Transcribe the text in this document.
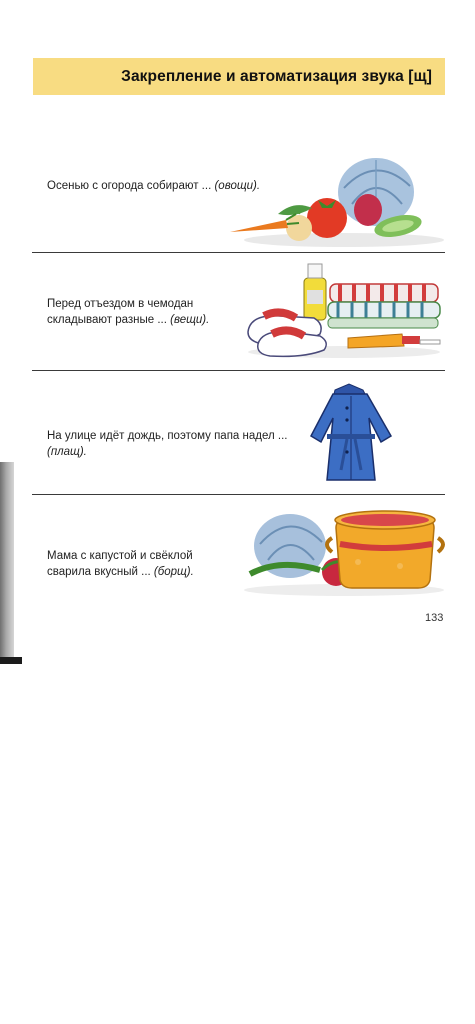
Закрепление и автоматизация звука [щ]
Осенью с огорода собирают ... (овощи).
Перед отъездом в чемодан
складывают разные ... (вещи).
На улице идёт дождь, поэтому папа надел ...
(плащ).
Мама с капустой и свёклой
сварила вкусный ... (борщ).
133
